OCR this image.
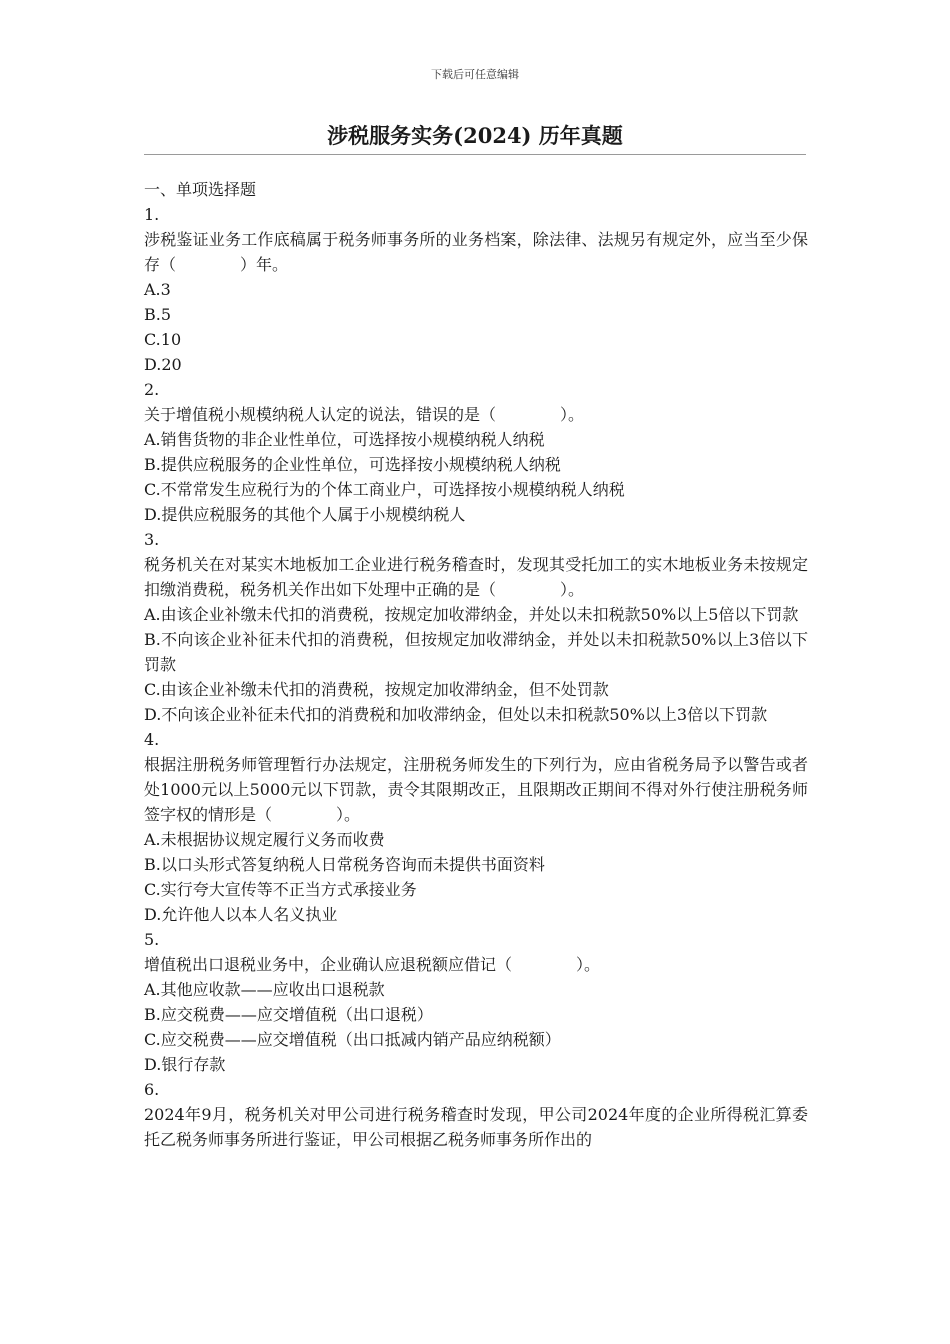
下载后可任意编辑
涉税服务实务(2024) 历年真题
一、单项选择题
1.
涉税鉴证业务工作底稿属于税务师事务所的业务档案，除法律、法规另有规定外，应当至少保存（　　　　）年。
A.3
B.5
C.10
D.20
2.
关于增值税小规模纳税人认定的说法，错误的是（　　　　）。
A.销售货物的非企业性单位，可选择按小规模纳税人纳税
B.提供应税服务的企业性单位，可选择按小规模纳税人纳税
C.不常常发生应税行为的个体工商业户，可选择按小规模纳税人纳税
D.提供应税服务的其他个人属于小规模纳税人
3.
税务机关在对某实木地板加工企业进行税务稽查时，发现其受托加工的实木地板业务未按规定扣缴消费税，税务机关作出如下处理中正确的是（　　　　）。
A.由该企业补缴未代扣的消费税，按规定加收滞纳金，并处以未扣税款50%以上5倍以下罚款
B.不向该企业补征未代扣的消费税，但按规定加收滞纳金，并处以未扣税款50%以上3倍以下罚款
C.由该企业补缴未代扣的消费税，按规定加收滞纳金，但不处罚款
D.不向该企业补征未代扣的消费税和加收滞纳金，但处以未扣税款50%以上3倍以下罚款
4.
根据注册税务师管理暂行办法规定，注册税务师发生的下列行为，应由省税务局予以警告或者处1000元以上5000元以下罚款，责令其限期改正，且限期改正期间不得对外行使注册税务师签字权的情形是（　　　　）。
A.未根据协议规定履行义务而收费
B.以口头形式答复纳税人日常税务咨询而未提供书面资料
C.实行夸大宣传等不正当方式承接业务
D.允许他人以本人名义执业
5.
增值税出口退税业务中，企业确认应退税额应借记（　　　　）。
A.其他应收款——应收出口退税款
B.应交税费——应交增值税（出口退税）
C.应交税费——应交增值税（出口抵减内销产品应纳税额）
D.银行存款
6.
2024年9月，税务机关对甲公司进行税务稽查时发现，甲公司2024年度的企业所得税汇算委托乙税务师事务所进行鉴证，甲公司根据乙税务师事务所作出的
